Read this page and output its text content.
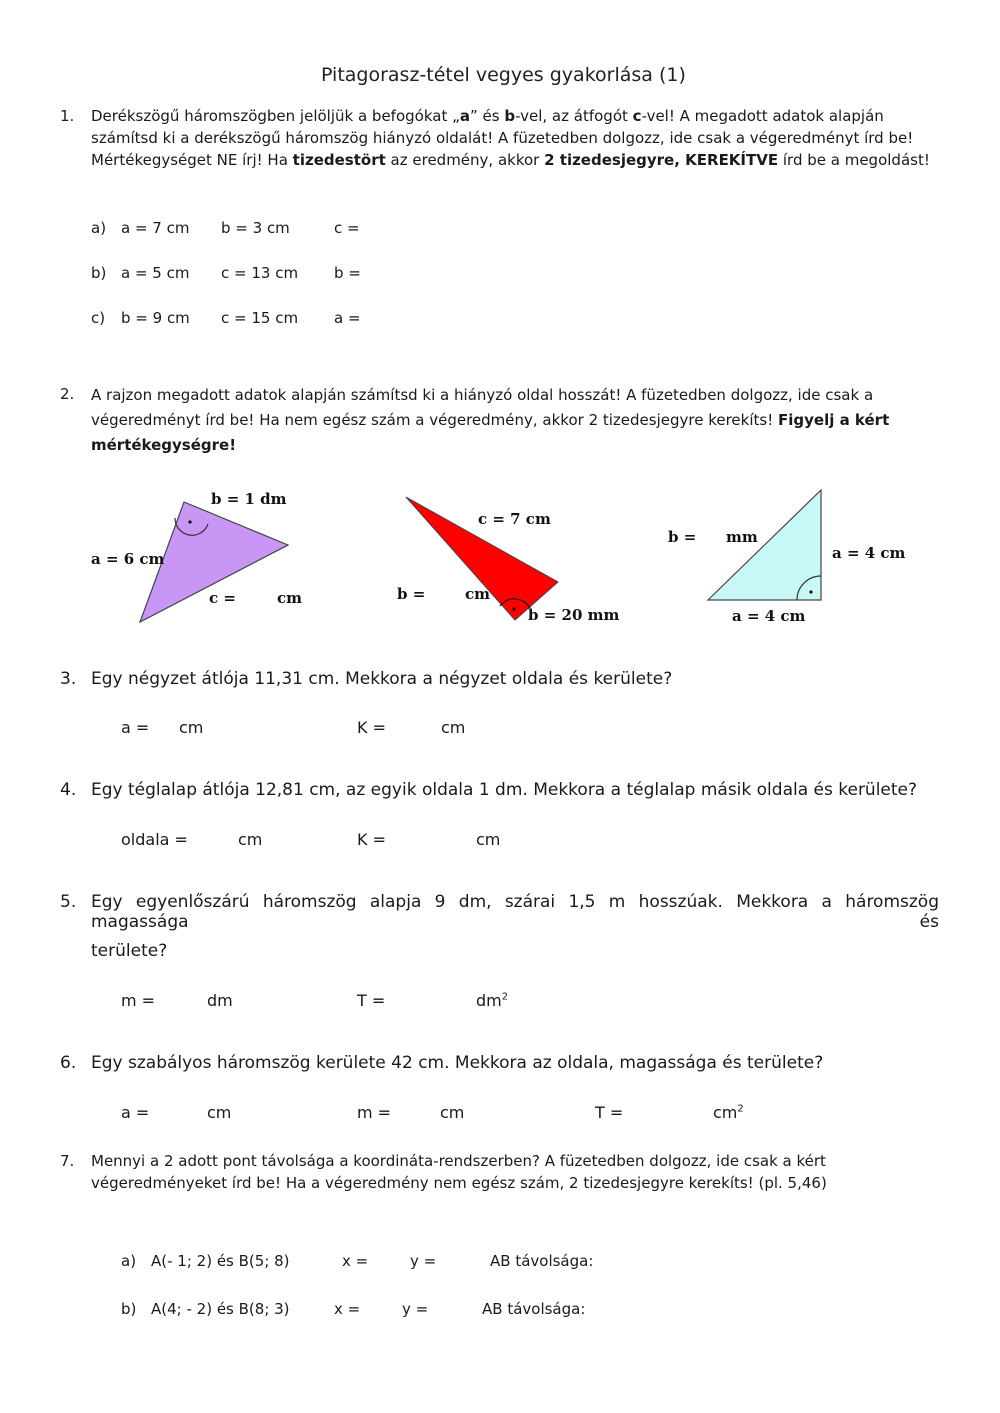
Pitagorasz-tétel vegyes gyakorlása (1)
1. Derékszögű háromszögben jelöljük a befogókat „a” és b-vel, az átfogót c-vel! A megadott adatok alapján számítsd ki a derékszögű háromszög hiányzó oldalát! A füzetedben dolgozz, ide csak a végeredményt írd be! Mértékegységet NE írj! Ha tizedestört az eredmény, akkor 2 tizedesjegyre, KEREKÍTVE írd be a megoldást!
a) a = 7 cm b = 3 cm	c =
b) a = 5 cm c = 13 cm b =
c) b = 9 cm c = 15 cm a =
2. A rajzon megadott adatok alapján számítsd ki a hiányzó oldal hosszát! A füzetedben dolgozz, ide csak a végeredményt írd be! Ha nem egész szám a végeredmény, akkor 2 tizedesjegyre kerekíts! Figyelj a kért mértékegységre!
b = 1 dm
a = 6 cm
c =	cm
c = 7 cm
b =	cm
b = 20 mm
b = mm
a = 4 cm
a = 4 cm
3. Egy négyzet átlója 11,31 cm. Mekkora a négyzet oldala és kerülete?
a = cm	K =	cm
4. Egy téglalap átlója 12,81 cm, az egyik oldala 1 dm. Mekkora a téglalap másik oldala és kerülete?
oldala =	cm	K =	cm
5. Egy egyenlőszárú háromszög alapja 9 dm, szárai 1,5 m hosszúak. Mekkora a háromszög magassága és
területe?
m =	dm	T =	$dm^2$
6. Egy szabályos háromszög kerülete 42 cm. Mekkora az oldala, magassága és területe?
a =	cm	m =	cm	T =	$cm^2$
7. Mennyi a 2 adott pont távolsága a koordináta-rendszerben? A füzetedben dolgozz, ide csak a kért végeredményeket írd be! Ha a végeredmény nem egész szám, 2 tizedesjegyre kerekíts! (pl. 5,46)
a) A(- 1; 2) és B(5; 8)	x =	y =	AB távolsága:
b) A(4; - 2) és B(8; 3)	x =	y =	AB távolsága:
